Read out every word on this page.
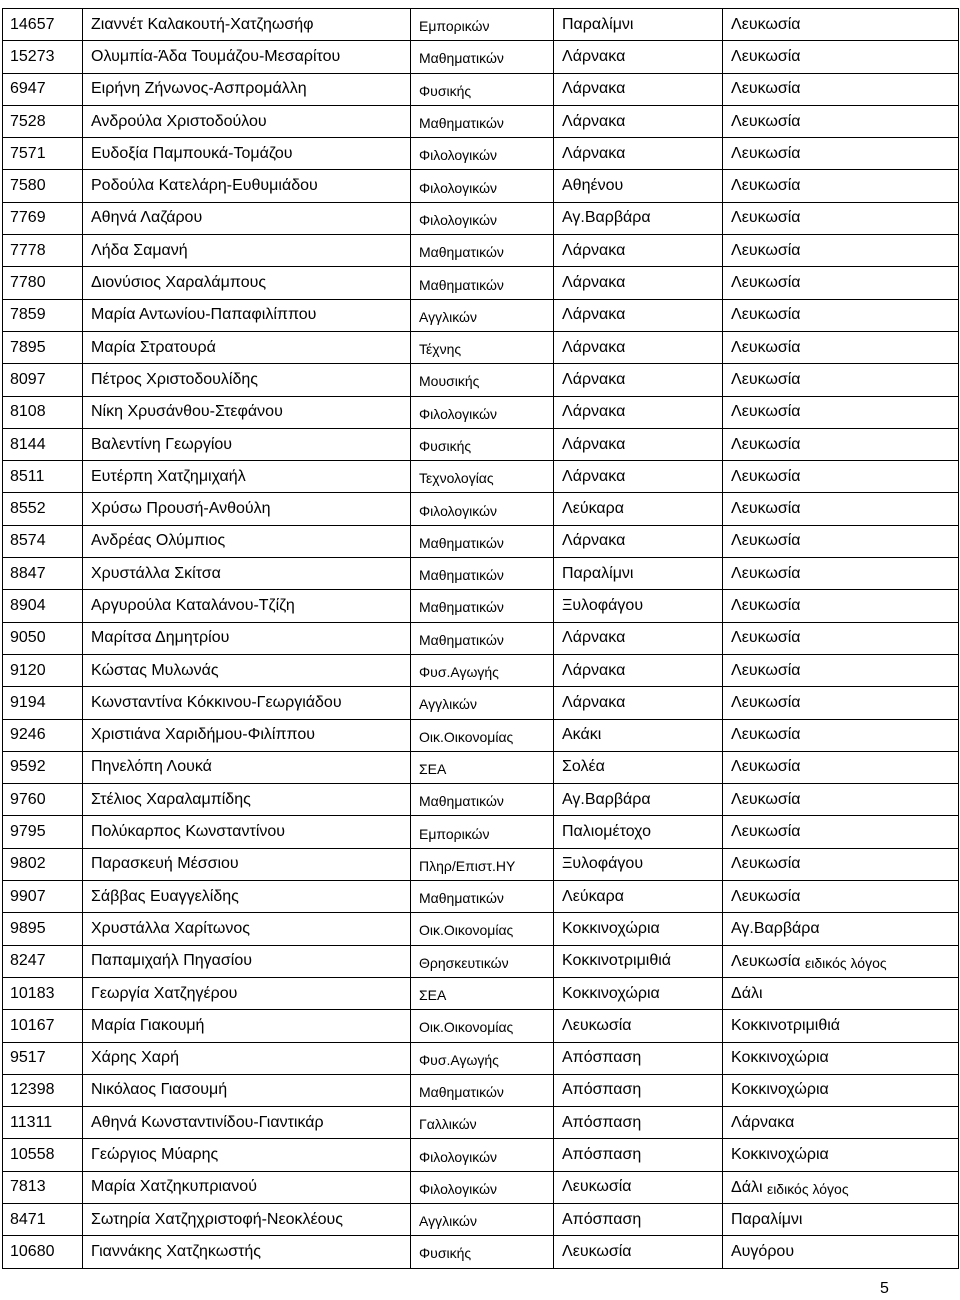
14657	Ζιαννέτ Καλακουτή-Χατζηωσήφ	Εμπορικών	Παραλίμνι	Λευκωσία
15273	Ολυμπία-Άδα Τουμάζου-Μεσαρίτου	Μαθηματικών	Λάρνακα	Λευκωσία
6947	Ειρήνη Ζήνωνος-Ασπρομάλλη	Φυσικής	Λάρνακα	Λευκωσία
7528	Ανδρούλα Χριστοδούλου	Μαθηματικών	Λάρνακα	Λευκωσία
7571	Ευδοξία Παμπουκά-Τομάζου	Φιλολογικών	Λάρνακα	Λευκωσία
7580	Ροδούλα Κατελάρη-Ευθυμιάδου	Φιλολογικών	Αθηένου	Λευκωσία
7769	Αθηνά Λαζάρου	Φιλολογικών	Αγ.Βαρβάρα	Λευκωσία
7778	Λήδα Σαμανή	Μαθηματικών	Λάρνακα	Λευκωσία
7780	Διονύσιος Χαραλάμπους	Μαθηματικών	Λάρνακα	Λευκωσία
7859	Μαρία Αντωνίου-Παπαφιλίππου	Αγγλικών	Λάρνακα	Λευκωσία
7895	Μαρία Στρατουρά	Τέχνης	Λάρνακα	Λευκωσία
8097	Πέτρος Χριστοδουλίδης	Μουσικής	Λάρνακα	Λευκωσία
8108	Νίκη Χρυσάνθου-Στεφάνου	Φιλολογικών	Λάρνακα	Λευκωσία
8144	Βαλεντίνη Γεωργίου	Φυσικής	Λάρνακα	Λευκωσία
8511	Ευτέρπη Χατζημιχαήλ	Τεχνολογίας	Λάρνακα	Λευκωσία
8552	Χρύσω Προυσή-Ανθούλη	Φιλολογικών	Λεύκαρα	Λευκωσία
8574	Ανδρέας Ολύμπιος	Μαθηματικών	Λάρνακα	Λευκωσία
8847	Χρυστάλλα Σκίτσα	Μαθηματικών	Παραλίμνι	Λευκωσία
8904	Αργυρούλα Καταλάνου-Τζίζη	Μαθηματικών	Ξυλοφάγου	Λευκωσία
9050	Μαρίτσα Δημητρίου	Μαθηματικών	Λάρνακα	Λευκωσία
9120	Κώστας Μυλωνάς	Φυσ.Αγωγής	Λάρνακα	Λευκωσία
9194	Κωνσταντίνα Κόκκινου-Γεωργιάδου	Αγγλικών	Λάρνακα	Λευκωσία
9246	Χριστιάνα Χαριδήμου-Φιλίππου	Οικ.Οικονομίας	Ακάκι	Λευκωσία
9592	Πηνελόπη Λουκά	ΣΕΑ	Σολέα	Λευκωσία
9760	Στέλιος Χαραλαμπίδης	Μαθηματικών	Αγ.Βαρβάρα	Λευκωσία
9795	Πολύκαρπος Κωνσταντίνου	Εμπορικών	Παλιομέτοχο	Λευκωσία
9802	Παρασκευή Μέσσιου	Πληρ/Επιστ.ΗΥ	Ξυλοφάγου	Λευκωσία
9907	Σάββας Ευαγγελίδης	Μαθηματικών	Λεύκαρα	Λευκωσία
9895	Χρυστάλλα Χαρίτωνος	Οικ.Οικονομίας	Κοκκινοχώρια	Αγ.Βαρβάρα
8247	Παπαμιχαήλ Πηγασίου	Θρησκευτικών	Κοκκινοτριμιθιά	Λευκωσία ειδικός λόγος
10183	Γεωργία Χατζηγέρου	ΣΕΑ	Κοκκινοχώρια	Δάλι
10167	Μαρία Γιακουμή	Οικ.Οικονομίας	Λευκωσία	Κοκκινοτριμιθιά
9517	Χάρης Χαρή	Φυσ.Αγωγής	Απόσπαση	Κοκκινοχώρια
12398	Νικόλαος Γιασουμή	Μαθηματικών	Απόσπαση	Κοκκινοχώρια
11311	Αθηνά Κωνσταντινίδου-Γιαντικάρ	Γαλλικών	Απόσπαση	Λάρνακα
10558	Γεώργιος Μύαρης	Φιλολογικών	Απόσπαση	Κοκκινοχώρια
7813	Μαρία Χατζηκυπριανού	Φιλολογικών	Λευκωσία	Δάλι ειδικός λόγος
8471	Σωτηρία Χατζηχριστοφή-Νεοκλέους	Αγγλικών	Απόσπαση	Παραλίμνι
10680	Γιαννάκης Χατζηκωστής	Φυσικής	Λευκωσία	Αυγόρου
5
